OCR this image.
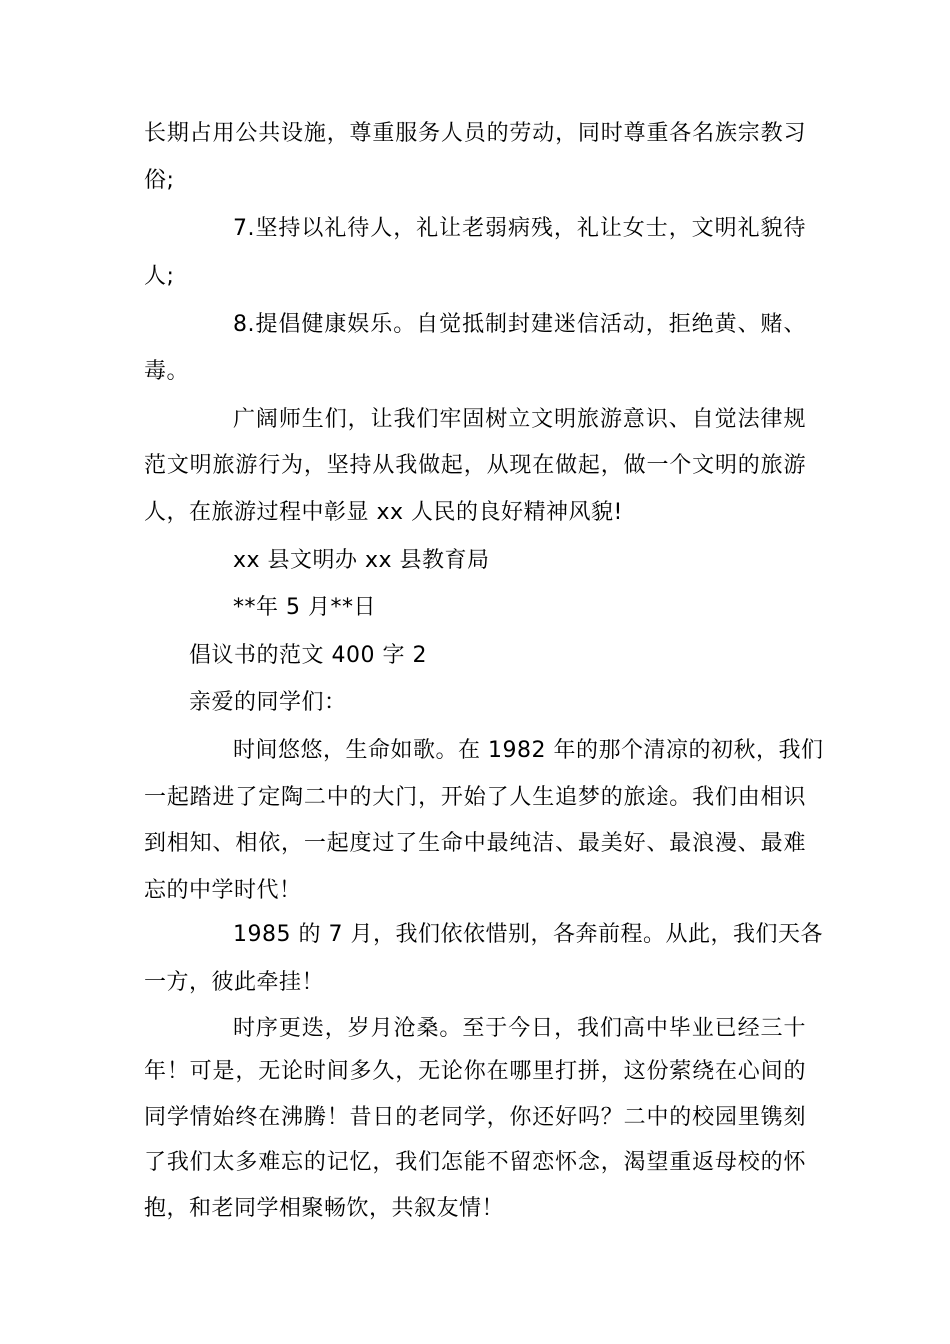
长期占用公共设施，尊重服务人员的劳动，同时尊重各名族宗教习
俗;
7.坚持以礼待人，礼让老弱病残，礼让女士，文明礼貌待
人;
8.提倡健康娱乐。自觉抵制封建迷信活动，拒绝黄、赌、
毒。
广阔师生们，让我们牢固树立文明旅游意识、自觉法律规
范文明旅游行为，坚持从我做起，从现在做起，做一个文明的旅游
人，在旅游过程中彰显 xx 人民的良好精神风貌!
xx 县文明办 xx 县教育局
**年 5 月**日
倡议书的范文 400 字 2
亲爱的同学们：
时间悠悠，生命如歌。在 1982 年的那个清凉的初秋，我们
一起踏进了定陶二中的大门，开始了人生追梦的旅途。我们由相识
到相知、相依，一起度过了生命中最纯洁、最美好、最浪漫、最难
忘的中学时代！
1985 的 7 月，我们依依惜别，各奔前程。从此，我们天各
一方，彼此牵挂！
时序更迭，岁月沧桑。至于今日，我们高中毕业已经三十
年！可是，无论时间多久，无论你在哪里打拼，这份萦绕在心间的
同学情始终在沸腾！昔日的老同学，你还好吗？二中的校园里镌刻
了我们太多难忘的记忆，我们怎能不留恋怀念，渴望重返母校的怀
抱，和老同学相聚畅饮，共叙友情！
